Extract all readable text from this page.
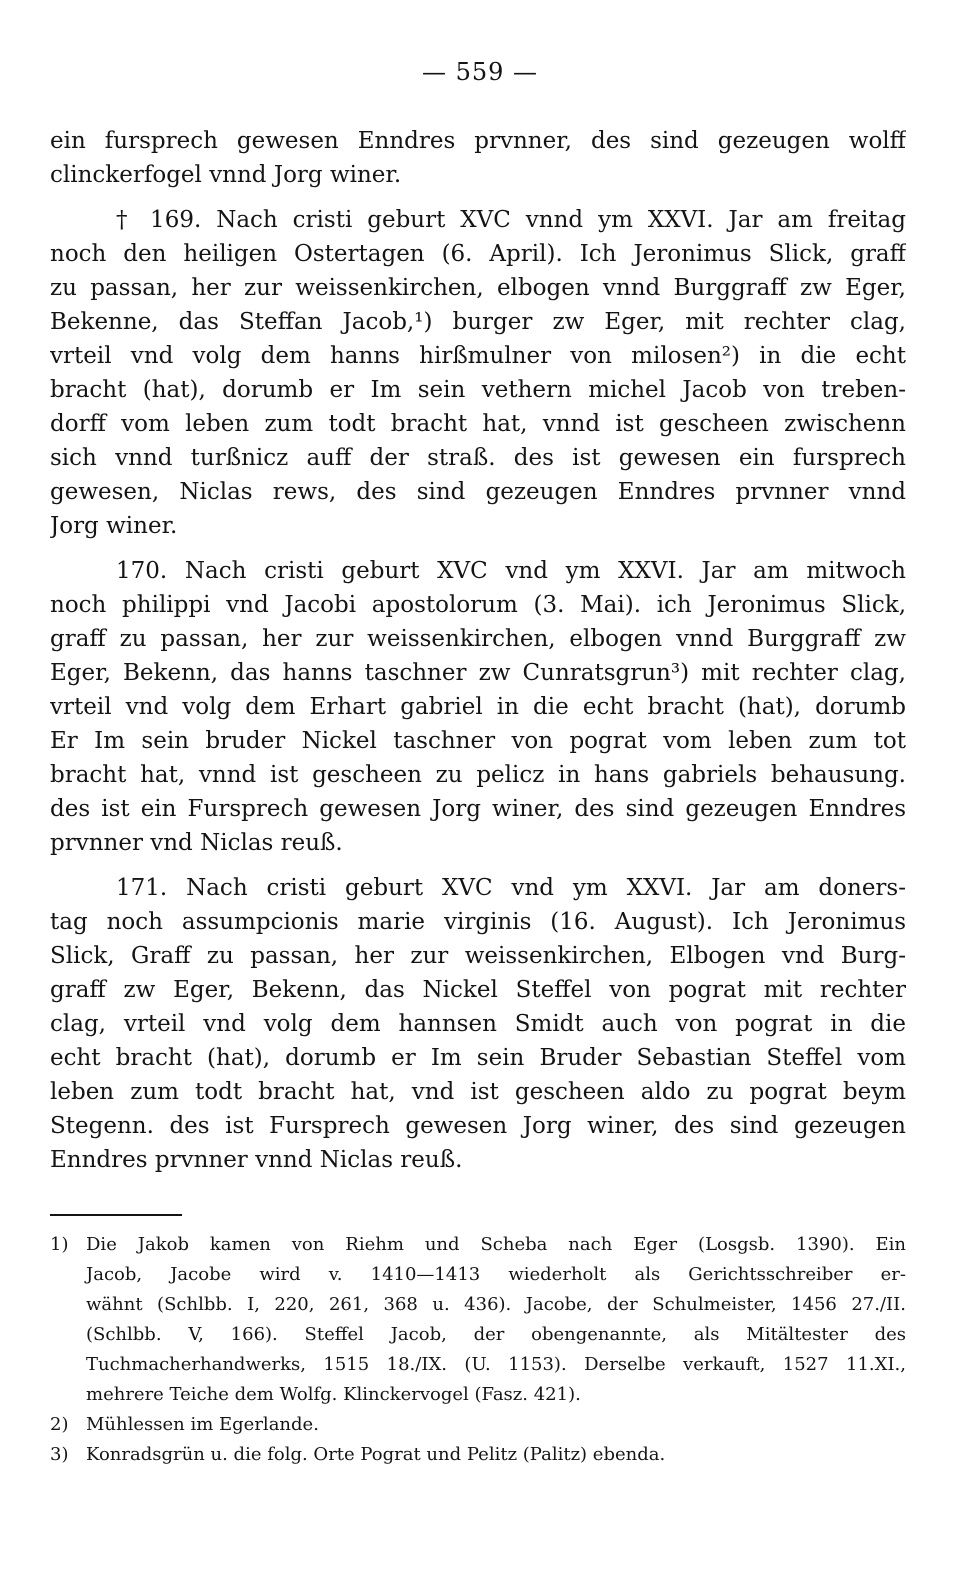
— 559 —
ein fursprech gewesen Enndres prvnner, des sind gezeugen wolff
clinckerfogel vnnd Jorg winer.
† 169. Nach cristi geburt XVC vnnd ym XXVI. Jar am freitag
noch den heiligen Ostertagen (6. April). Ich Jeronimus Slick, graff
zu passan, her zur weissenkirchen, elbogen vnnd Burggraff zw Eger,
Bekenne, das Steffan Jacob,¹) burger zw Eger, mit rechter clag,
vrteil vnd volg dem hanns hirßmulner von milosen²) in die echt
bracht (hat), dorumb er Im sein vethern michel Jacob von treben-
dorff vom leben zum todt bracht hat, vnnd ist gescheen zwischenn
sich vnnd turßnicz auff der straß. des ist gewesen ein fursprech
gewesen, Niclas rews, des sind gezeugen Enndres prvnner vnnd
Jorg winer.
170. Nach cristi geburt XVC vnd ym XXVI. Jar am mitwoch
noch philippi vnd Jacobi apostolorum (3. Mai). ich Jeronimus Slick,
graff zu passan, her zur weissenkirchen, elbogen vnnd Burggraff zw
Eger, Bekenn, das hanns taschner zw Cunratsgrun³) mit rechter clag,
vrteil vnd volg dem Erhart gabriel in die echt bracht (hat), dorumb
Er Im sein bruder Nickel taschner von pograt vom leben zum tot
bracht hat, vnnd ist gescheen zu pelicz in hans gabriels behausung.
des ist ein Fursprech gewesen Jorg winer, des sind gezeugen Enndres
prvnner vnd Niclas reuß.
171. Nach cristi geburt XVC vnd ym XXVI. Jar am doners-
tag noch assumpcionis marie virginis (16. August). Ich Jeronimus
Slick, Graff zu passan, her zur weissenkirchen, Elbogen vnd Burg-
graff zw Eger, Bekenn, das Nickel Steffel von pograt mit rechter
clag, vrteil vnd volg dem hannsen Smidt auch von pograt in die
echt bracht (hat), dorumb er Im sein Bruder Sebastian Steffel vom
leben zum todt bracht hat, vnd ist gescheen aldo zu pograt beym
Stegenn. des ist Fursprech gewesen Jorg winer, des sind gezeugen
Enndres prvnner vnnd Niclas reuß.
1) Die Jakob kamen von Riehm und Scheba nach Eger (Losgsb. 1390). Ein
Jacob, Jacobe wird v. 1410—1413 wiederholt als Gerichtsschreiber er-
wähnt (Schlbb. I, 220, 261, 368 u. 436). Jacobe, der Schulmeister, 1456 27./II.
(Schlbb. V, 166). Steffel Jacob, der obengenannte, als Mitältester des
Tuchmacherhandwerks, 1515 18./IX. (U. 1153). Derselbe verkauft, 1527 11.XI.,
mehrere Teiche dem Wolfg. Klinckervogel (Fasz. 421).
2) Mühlessen im Egerlande.
3) Konradsgrün u. die folg. Orte Pograt und Pelitz (Palitz) ebenda.
